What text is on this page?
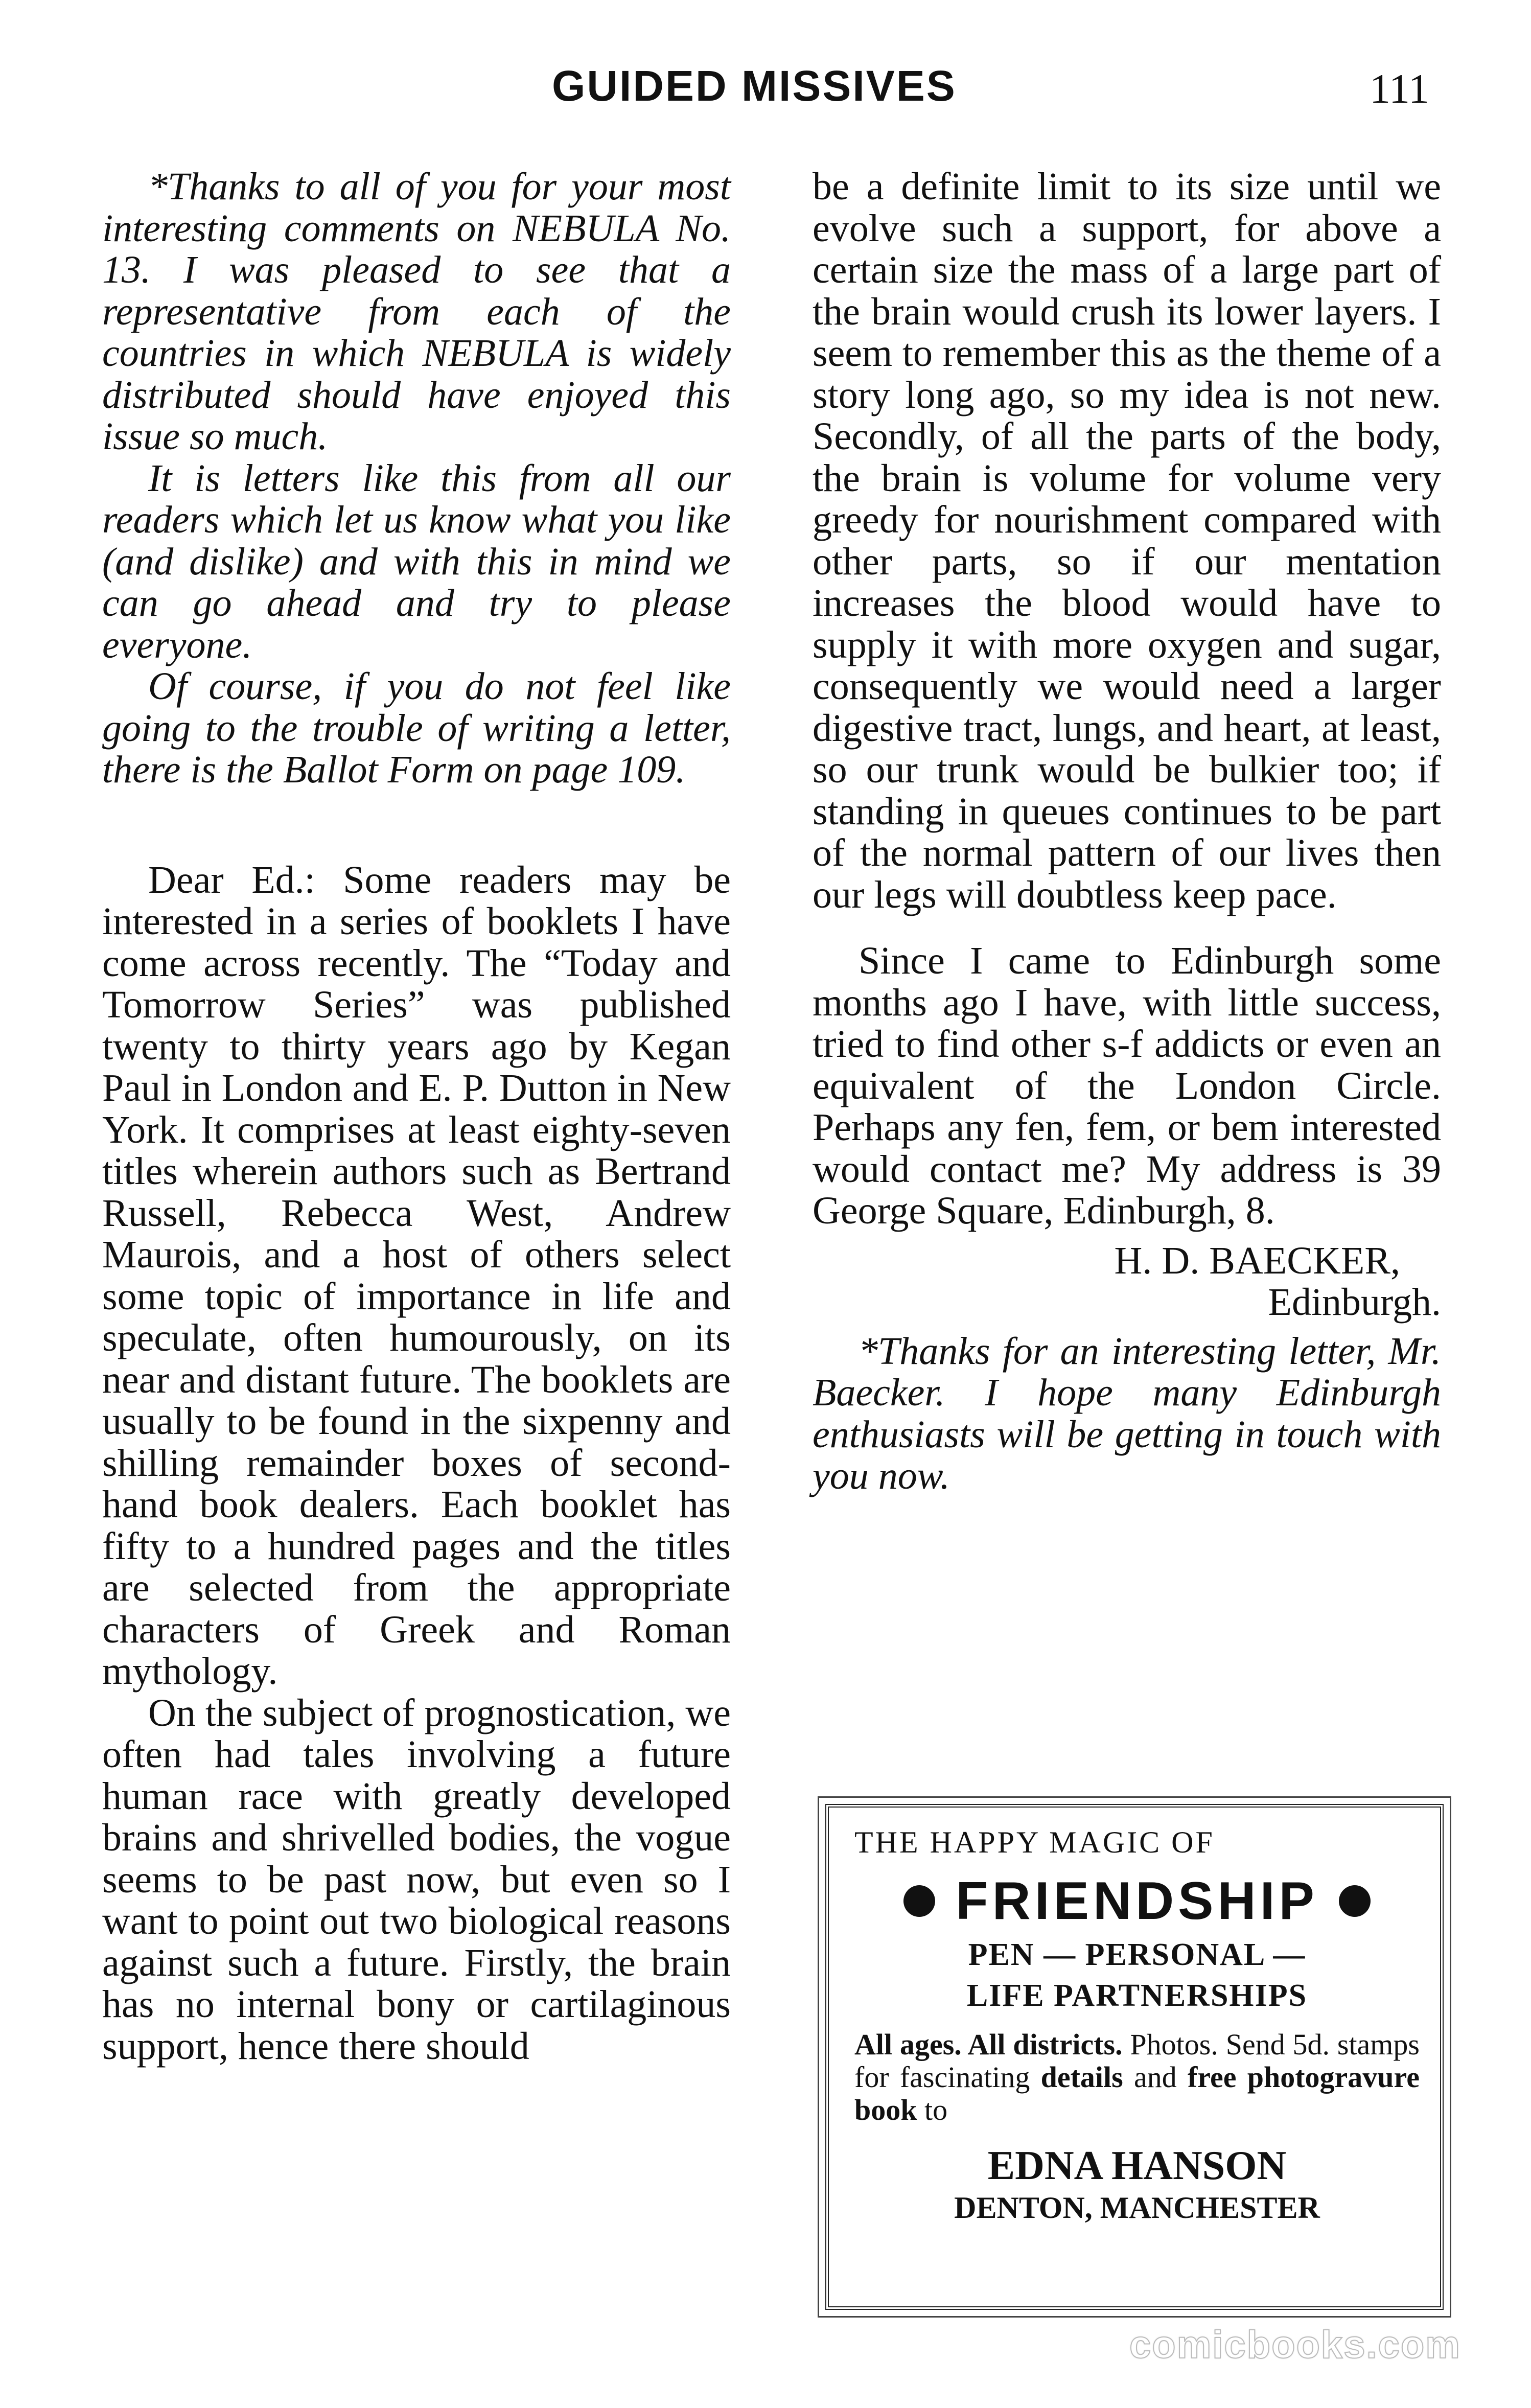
GUIDED MISSIVES	111

*Thanks to all of you for your most interesting comments on NEBULA No. 13. I was pleased to see that a representative from each of the countries in which NEBULA is widely distributed should have enjoyed this issue so much.

It is letters like this from all our readers which let us know what you like (and dislike) and with this in mind we can go ahead and try to please everyone.

Of course, if you do not feel like going to the trouble of writing a letter, there is the Ballot Form on page 109.

Dear Ed.: Some readers may be interested in a series of booklets I have come across recently. The “Today and Tomorrow Series” was published twenty to thirty years ago by Kegan Paul in London and E. P. Dutton in New York. It comprises at least eighty-seven titles wherein authors such as Bertrand Russell, Rebecca West, Andrew Maurois, and a host of others select some topic of importance in life and speculate, often humourously, on its near and distant future. The booklets are usually to be found in the sixpenny and shilling remainder boxes of second-hand book dealers. Each booklet has fifty to a hundred pages and the titles are selected from the appropriate characters of Greek and Roman mythology.

On the subject of prognostication, we often had tales involving a future human race with greatly developed brains and shrivelled bodies, the vogue seems to be past now, but even so I want to point out two biological reasons against such a future. Firstly, the brain has no internal bony or cartilaginous support, hence there should

be a definite limit to its size until we evolve such a support, for above a certain size the mass of a large part of the brain would crush its lower layers. I seem to remember this as the theme of a story long ago, so my idea is not new. Secondly, of all the parts of the body, the brain is volume for volume very greedy for nourishment compared with other parts, so if our mentation increases the blood would have to supply it with more oxygen and sugar, consequently we would need a larger digestive tract, lungs, and heart, at least, so our trunk would be bulkier too; if standing in queues continues to be part of the normal pattern of our lives then our legs will doubtless keep pace.

Since I came to Edinburgh some months ago I have, with little success, tried to find other s-f addicts or even an equivalent of the London Circle. Perhaps any fen, fem, or bem interested would contact me? My address is 39 George Square, Edinburgh, 8.

H. D. BAECKER,

Edinburgh.

*Thanks for an interesting letter, Mr. Baecker. I hope many Edinburgh enthusiasts will be getting in touch with you now.

THE HAPPY MAGIC OF
FRIENDSHIP
PEN — PERSONAL —
LIFE PARTNERSHIPS
All ages. All districts. Photos. Send 5d. stamps for fascinating details and free photogravure book to
EDNA HANSON
DENTON, MANCHESTER
comicbooks.com
